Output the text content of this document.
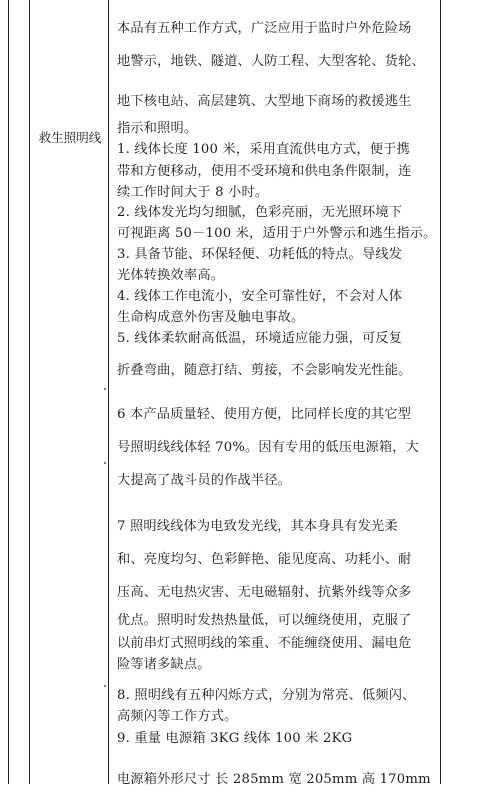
救生照明线

本品有五种工作方式，广泛应用于监时户外危险场

地警示，地铁、隧道、人防工程、大型客轮、货轮、

地下核电站、高层建筑、大型地下商场的救援逃生

指示和照明。

1. 线体长度 100 米，采用直流供电方式，便于携

带和方便移动，使用不受环境和供电条件限制，连

续工作时间大于 8 小时。

2. 线体发光均匀细腻，色彩亮丽，无光照环境下

可视距离 50－100 米，适用于户外警示和逃生指示。

3. 具备节能、环保轻便、功耗低的特点。导线发

光体转换效率高。

4. 线体工作电流小，安全可靠性好，不会对人体

生命构成意外伤害及触电事故。

5. 线体柔软耐高低温，环境适应能力强，可反复

折叠弯曲，随意打结、剪接，不会影响发光性能。

6 本产品质量轻、使用方便，比同样长度的其它型

号照明线线体轻 70%。因有专用的低压电源箱，大

大提高了战斗员的作战半径。

7 照明线线体为电致发光线，其本身具有发光柔

和、亮度均匀、色彩鲜艳、能见度高、功耗小、耐

压高、无电热灾害、无电磁辐射、抗紫外线等众多

优点。照明时发热热量低，可以缠绕使用，克服了

以前串灯式照明线的笨重、不能缠绕使用、漏电危

险等诸多缺点。

8. 照明线有五种闪烁方式，分别为常亮、低频闪、

高频闪等工作方式。

9. 重量 电源箱 3KG 线体 100 米 2KG

电源箱外形尺寸 长 285mm 宽 205mm 高 170mm
